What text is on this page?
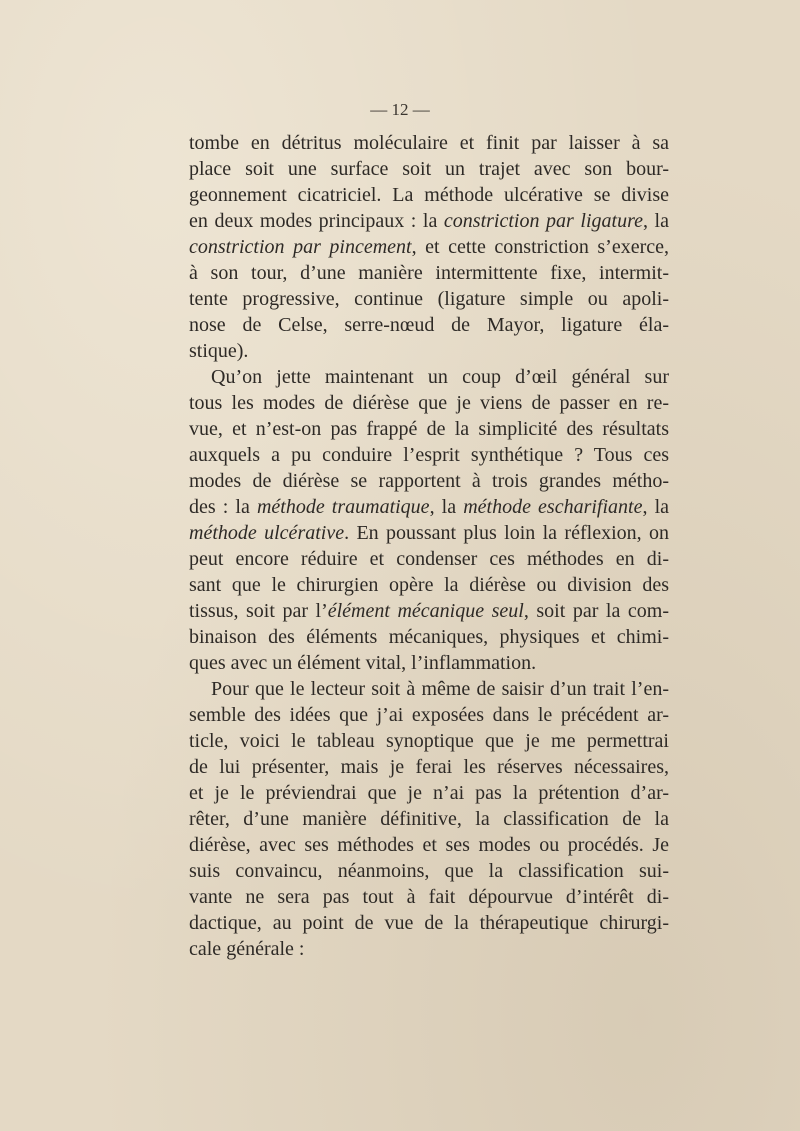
— 12 —
tombe en détritus moléculaire et finit par laisser à sa
place soit une surface soit un trajet avec son bour-
geonnement cicatriciel. La méthode ulcérative se divise
en deux modes principaux : la constriction par ligature, la
constriction par pincement, et cette constriction s’exerce,
à son tour, d’une manière intermittente fixe, intermit-
tente progressive, continue (ligature simple ou apoli-
nose de Celse, serre-nœud de Mayor, ligature éla-
stique).
Qu’on jette maintenant un coup d’œil général sur
tous les modes de diérèse que je viens de passer en re-
vue, et n’est-on pas frappé de la simplicité des résultats
auxquels a pu conduire l’esprit synthétique ? Tous ces
modes de diérèse se rapportent à trois grandes métho-
des : la méthode traumatique, la méthode escharifiante, la
méthode ulcérative. En poussant plus loin la réflexion, on
peut encore réduire et condenser ces méthodes en di-
sant que le chirurgien opère la diérèse ou division des
tissus, soit par l’élément mécanique seul, soit par la com-
binaison des éléments mécaniques, physiques et chimi-
ques avec un élément vital, l’inflammation.
Pour que le lecteur soit à même de saisir d’un trait l’en-
semble des idées que j’ai exposées dans le précédent ar-
ticle, voici le tableau synoptique que je me permettrai
de lui présenter, mais je ferai les réserves nécessaires,
et je le préviendrai que je n’ai pas la prétention d’ar-
rêter, d’une manière définitive, la classification de la
diérèse, avec ses méthodes et ses modes ou procédés. Je
suis convaincu, néanmoins, que la classification sui-
vante ne sera pas tout à fait dépourvue d’intérêt di-
dactique, au point de vue de la thérapeutique chirurgi-
cale générale :
